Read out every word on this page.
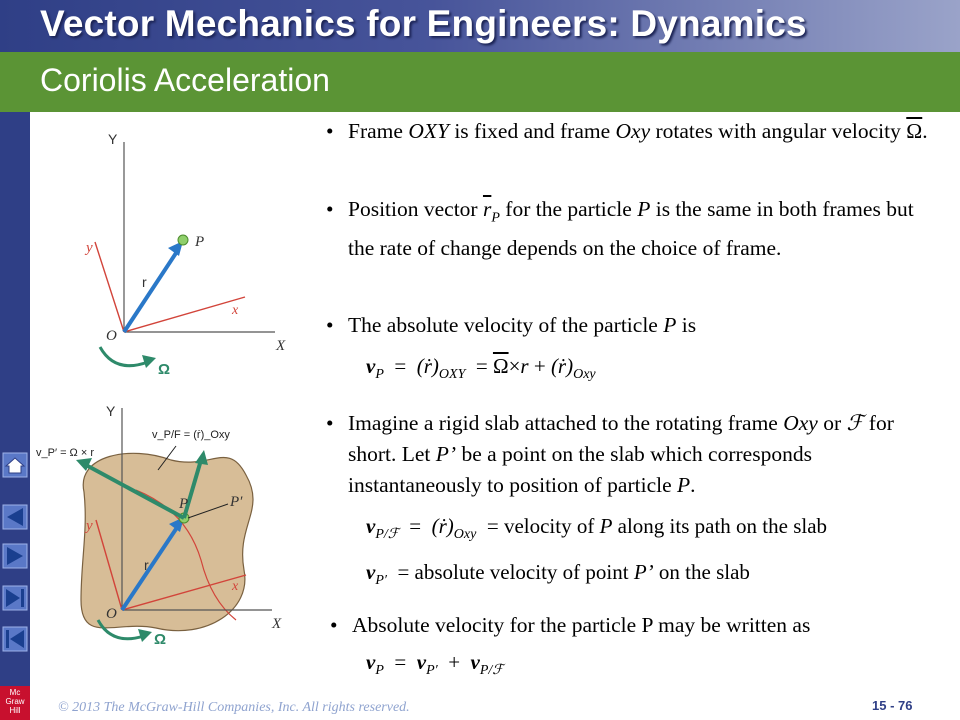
Mc
Graw
Hill
Vector Mechanics for Engineers: Dynamics
Coriolis Acceleration
Y
y	P
r
x
O
X
Ω
Y
y
P	P′
r
x
O
X
Ω
v_P/F = (ṙ)_Oxy
v_P′ = Ω × r
• Frame OXY is fixed and frame Oxy rotates with angular velocity $\overline{\Omega}$.
• Position vector $\overline{r}_P$ for the particle P is the same in both frames but the rate of change depends on the choice of frame.
• The absolute velocity of the particle P is
$v_P$ = $(ṙ)_{OXY} = \overline{\Omega}\times r$ + $(ṙ)_{Oxy}$
• Imagine a rigid slab attached to the rotating frame Oxy or ℱ for short. Let P’ be a point on the slab which corresponds instantaneously to position of particle P.
$v_{P/ℱ}$ = $(ṙ)_{Oxy}$ = velocity of P along its path on the slab
$v_{P'}$ = absolute velocity of point P’ on the slab
• Absolute velocity for the particle P may be written as
$v_P = v_{P'} + v_{P/ℱ}$
© 2013 The McGraw-Hill Companies, Inc. All rights reserved.	15 - 76
